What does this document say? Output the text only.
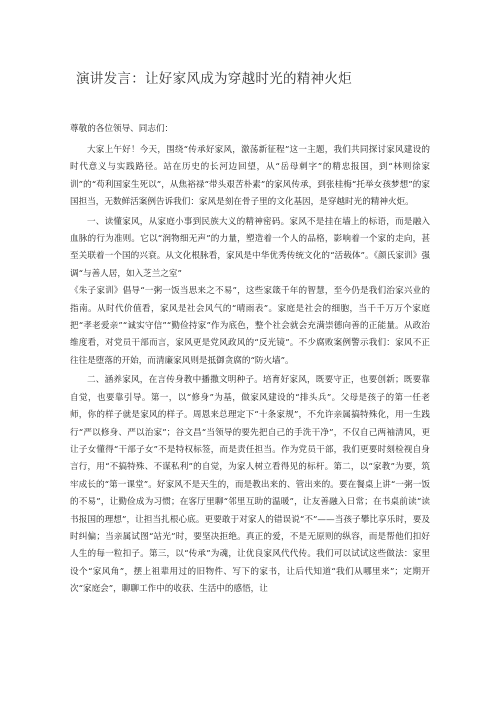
演讲发言：让好家风成为穿越时光的精神火炬

尊敬的各位领导、同志们：

大家上午好！今天，围绕“传承好家风，激荡新征程”这一主题，我们共同探讨家风建设的时代意义与实践路径。站在历史的长河边回望，从“岳母刺字”的精忠报国，到“林则徐家训”的“苟利国家生死以”，从焦裕禄“带头艰苦朴素”的家风传承，到张桂梅“托举女孩梦想”的家国担当，无数鲜活案例告诉我们：家风是刻在骨子里的文化基因，是穿越时光的精神火炬。

一、读懂家风，从家庭小事到民族大义的精神密码。家风不是挂在墙上的标语，而是融入血脉的行为准则。它以“润物细无声”的力量，塑造着一个人的品格，影响着一个家的走向，甚至关联着一个国的兴衰。从文化根脉看，家风是中华优秀传统文化的“活载体”。《颜氏家训》强调“与善人居，如入芝兰之室”

《朱子家训》倡导“一粥一饭当思来之不易”，这些家箴千年的智慧，至今仍是我们治家兴业的指南。从时代价值看，家风是社会风气的“晴雨表”。家庭是社会的细胞，当千千万万个家庭把“孝老爱亲”“诚实守信”“勤俭持家”作为底色，整个社会就会充满崇德向善的正能量。从政治维度看，对党员干部而言，家风更是党风政风的“反光镜”。不少腐败案例警示我们：家风不正往往是堕落的开始，而清廉家风则是抵御贪腐的“防火墙”。

二、涵养家风，在言传身教中播撒文明种子。培育好家风，既要守正，也要创新；既要靠自觉，也要靠引导。第一，以“修身”为基，做家风建设的“排头兵”。父母是孩子的第一任老师，你的样子就是家风的样子。周恩来总理定下“十条家规”，不允许亲属搞特殊化，用一生践行“严以修身、严以治家”；谷文昌“当领导的要先把自己的手洗干净”，不仅自己两袖清风，更让子女懂得“干部子女”不是特权标签，而是责任担当。作为党员干部，我们更要时刻检视自身言行，用“不搞特殊、不谋私利”的自觉，为家人树立看得见的标杆。第二，以“家教”为要，筑牢成长的“第一课堂”。好家风不是天生的，而是教出来的、管出来的。要在餐桌上讲“一粥一饭的不易”，让勤俭成为习惯；在客厅里聊“邻里互助的温暖”，让友善融入日常；在书桌前读“读书报国的理想”，让担当扎根心底。更要敢于对家人的错误说“不”——当孩子攀比享乐时，要及时纠偏；当亲属试图“站光”时，要坚决拒绝。真正的爱，不是无原则的纵容，而是帮他们扣好人生的每一粒扣子。第三，以“传承”为魂，让优良家风代代传。我们可以试试这些做法：家里设个“家风角”，摆上祖辈用过的旧物件、写下的家书，让后代知道“我们从哪里来”；定期开次“家庭会”，聊聊工作中的收获、生活中的感悟，让
